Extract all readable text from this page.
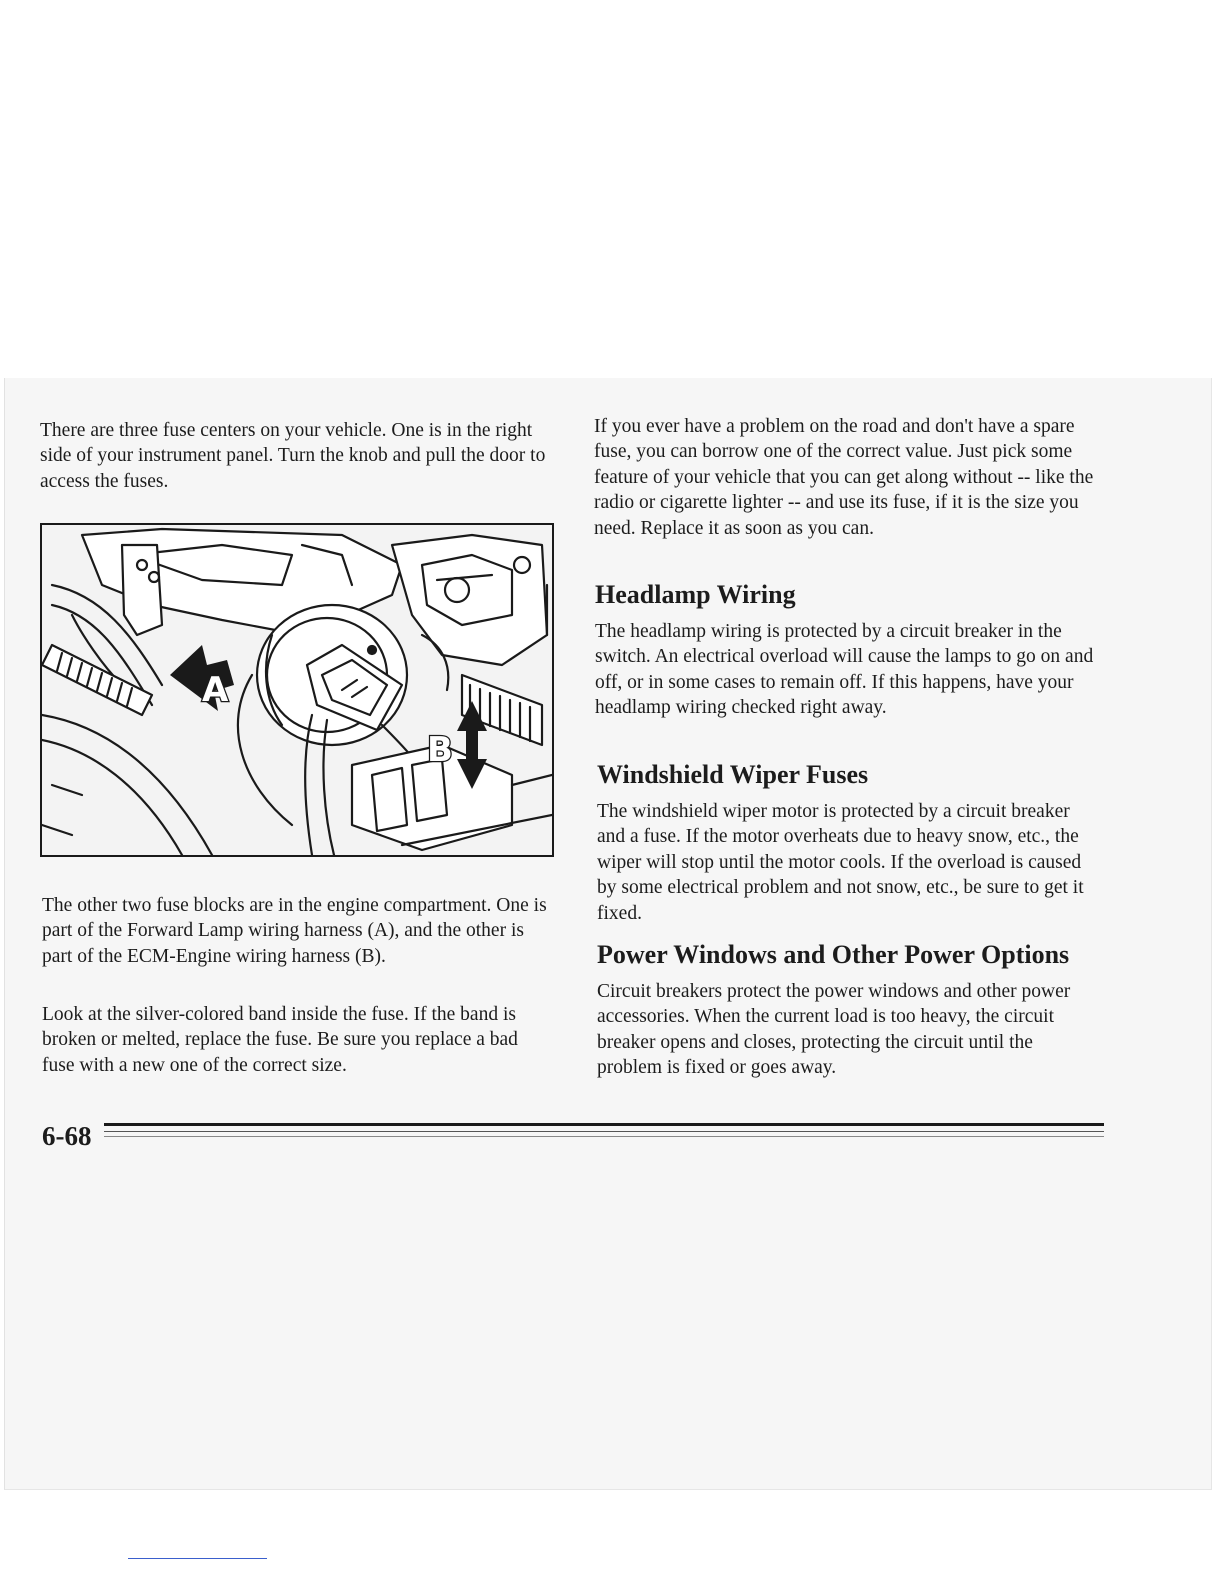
There are three fuse centers on your vehicle. One is in the right side of your instrument panel. Turn the knob and pull the door to access the fuses.

A
B

The other two fuse blocks are in the engine compartment. One is part of the Forward Lamp wiring harness (A), and the other is part of the ECM-Engine wiring harness (B).

Look at the silver-colored band inside the fuse. If the band is broken or melted, replace the fuse. Be sure you replace a bad fuse with a new one of the correct size.

If you ever have a problem on the road and don't have a spare fuse, you can borrow one of the correct value. Just pick some feature of your vehicle that you can get along without -- like the radio or cigarette lighter -- and use its fuse, if it is the size you need. Replace it as soon as you can.

Headlamp Wiring

The headlamp wiring is protected by a circuit breaker in the switch. An electrical overload will cause the lamps to go on and off, or in some cases to remain off. If this happens, have your headlamp wiring checked right away.

Windshield Wiper Fuses

The windshield wiper motor is protected by a circuit breaker and a fuse. If the motor overheats due to heavy snow, etc., the wiper will stop until the motor cools. If the overload is caused by some electrical problem and not snow, etc., be sure to get it fixed.

Power Windows and Other Power Options

Circuit breakers protect the power windows and other power accessories. When the current load is too heavy, the circuit breaker opens and closes, protecting the circuit until the problem is fixed or goes away.

6-68
